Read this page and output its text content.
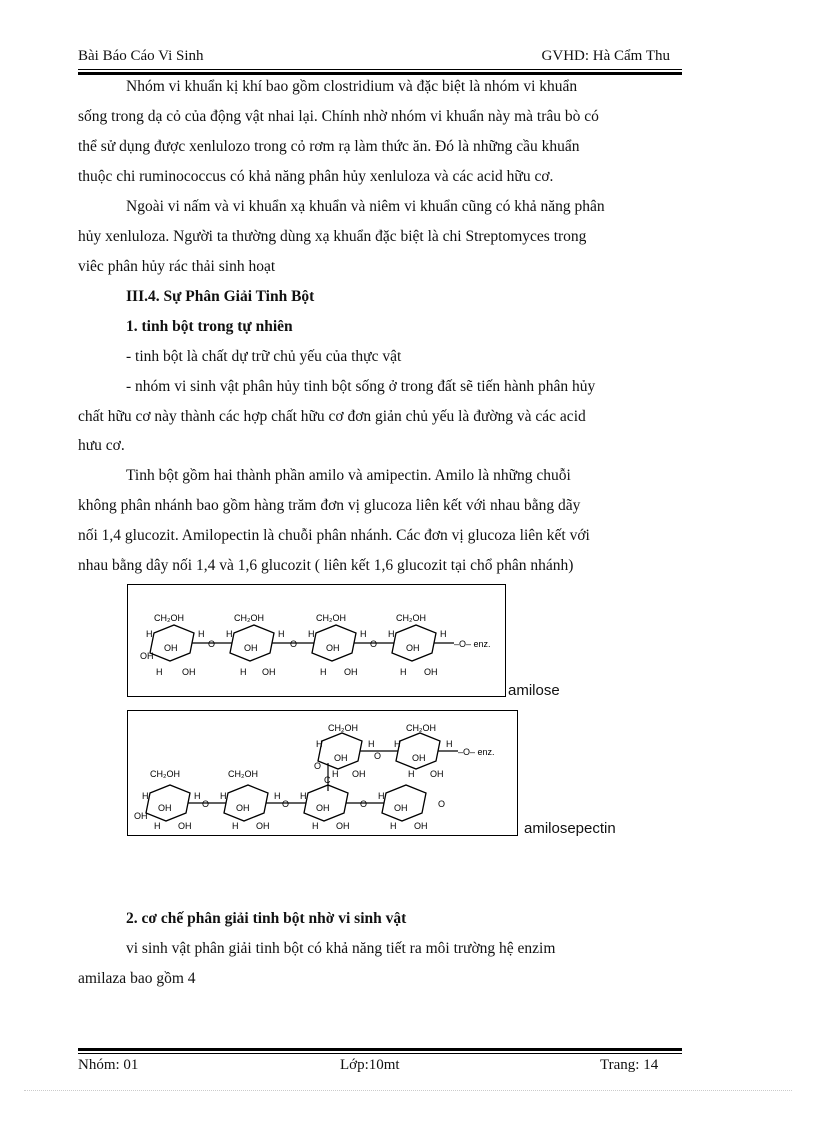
Bài Báo Cáo Vi Sinh	GVHD: Hà Cẩm Thu
Nhóm vi khuẩn kị khí bao gồm clostridium và đặc biệt là nhóm vi khuẩn
sống trong dạ cỏ của động vật nhai lại. Chính nhờ nhóm vi khuẩn này mà trâu bò có
thể sử dụng được xenlulozo trong cỏ rơm rạ làm thức ăn. Đó là những cầu khuẩn
thuộc chi ruminococcus có khả năng phân hủy xenluloza và các acid hữu cơ.
Ngoài vi nấm và vi khuẩn xạ khuẩn và niêm vi khuẩn cũng có khả năng phân
hủy xenluloza. Người ta thường dùng xạ khuẩn đặc biệt là chi Streptomyces trong
viêc phân hủy rác thải sinh hoạt
III.4. Sự Phân Giải Tinh Bột
1. tinh bột trong tự nhiên
- tinh bột là chất dự trữ chủ yếu của thực vật
- nhóm vi sinh vật phân hủy tinh bột sống ở trong đất sẽ tiến hành phân hủy
chất hữu cơ này thành các hợp chất hữu cơ đơn giản chủ yếu là đường và các acid
hưu cơ.
Tinh bột gồm hai thành phần amilo và amipectin. Amilo là những chuỗi
không phân nhánh bao gồm hàng trăm đơn vị glucoza liên kết với nhau bằng dãy
nối 1,4 glucozit. Amilopectin là chuỗi phân nhánh. Các đơn vị glucoza liên kết với
nhau bằng dây nối 1,4 và 1,6 glucozit ( liên kết 1,6 glucozit tại chổ phân nhánh)
CH₂OH
H	H
OH
OH
H OH
O
CH₂OH
H	H
OH
H OH
O
CH₂OH
H	H
OH
H OH
O
CH₂OH
H	H
OH
H OH
–O– enz.
amilose
C
O
CH₂OH	CH₂OH
H	H H	H
OH	OH
H OH	H OH
O	–O– enz.
CH₂OH	CH₂OH
H	H H	H H	H
OH	OH	OH	OH
OH
H OH	H OH	H OH	H OH
O	O	O	O
amilosepectin
2. cơ chế phân giải tinh bột nhờ vi sinh vật
vi sinh vật phân giải tinh bột có khả năng tiết ra môi trường hệ enzim
amilaza bao gồm 4
Nhóm: 01	Lớp:10mt	Trang: 14
